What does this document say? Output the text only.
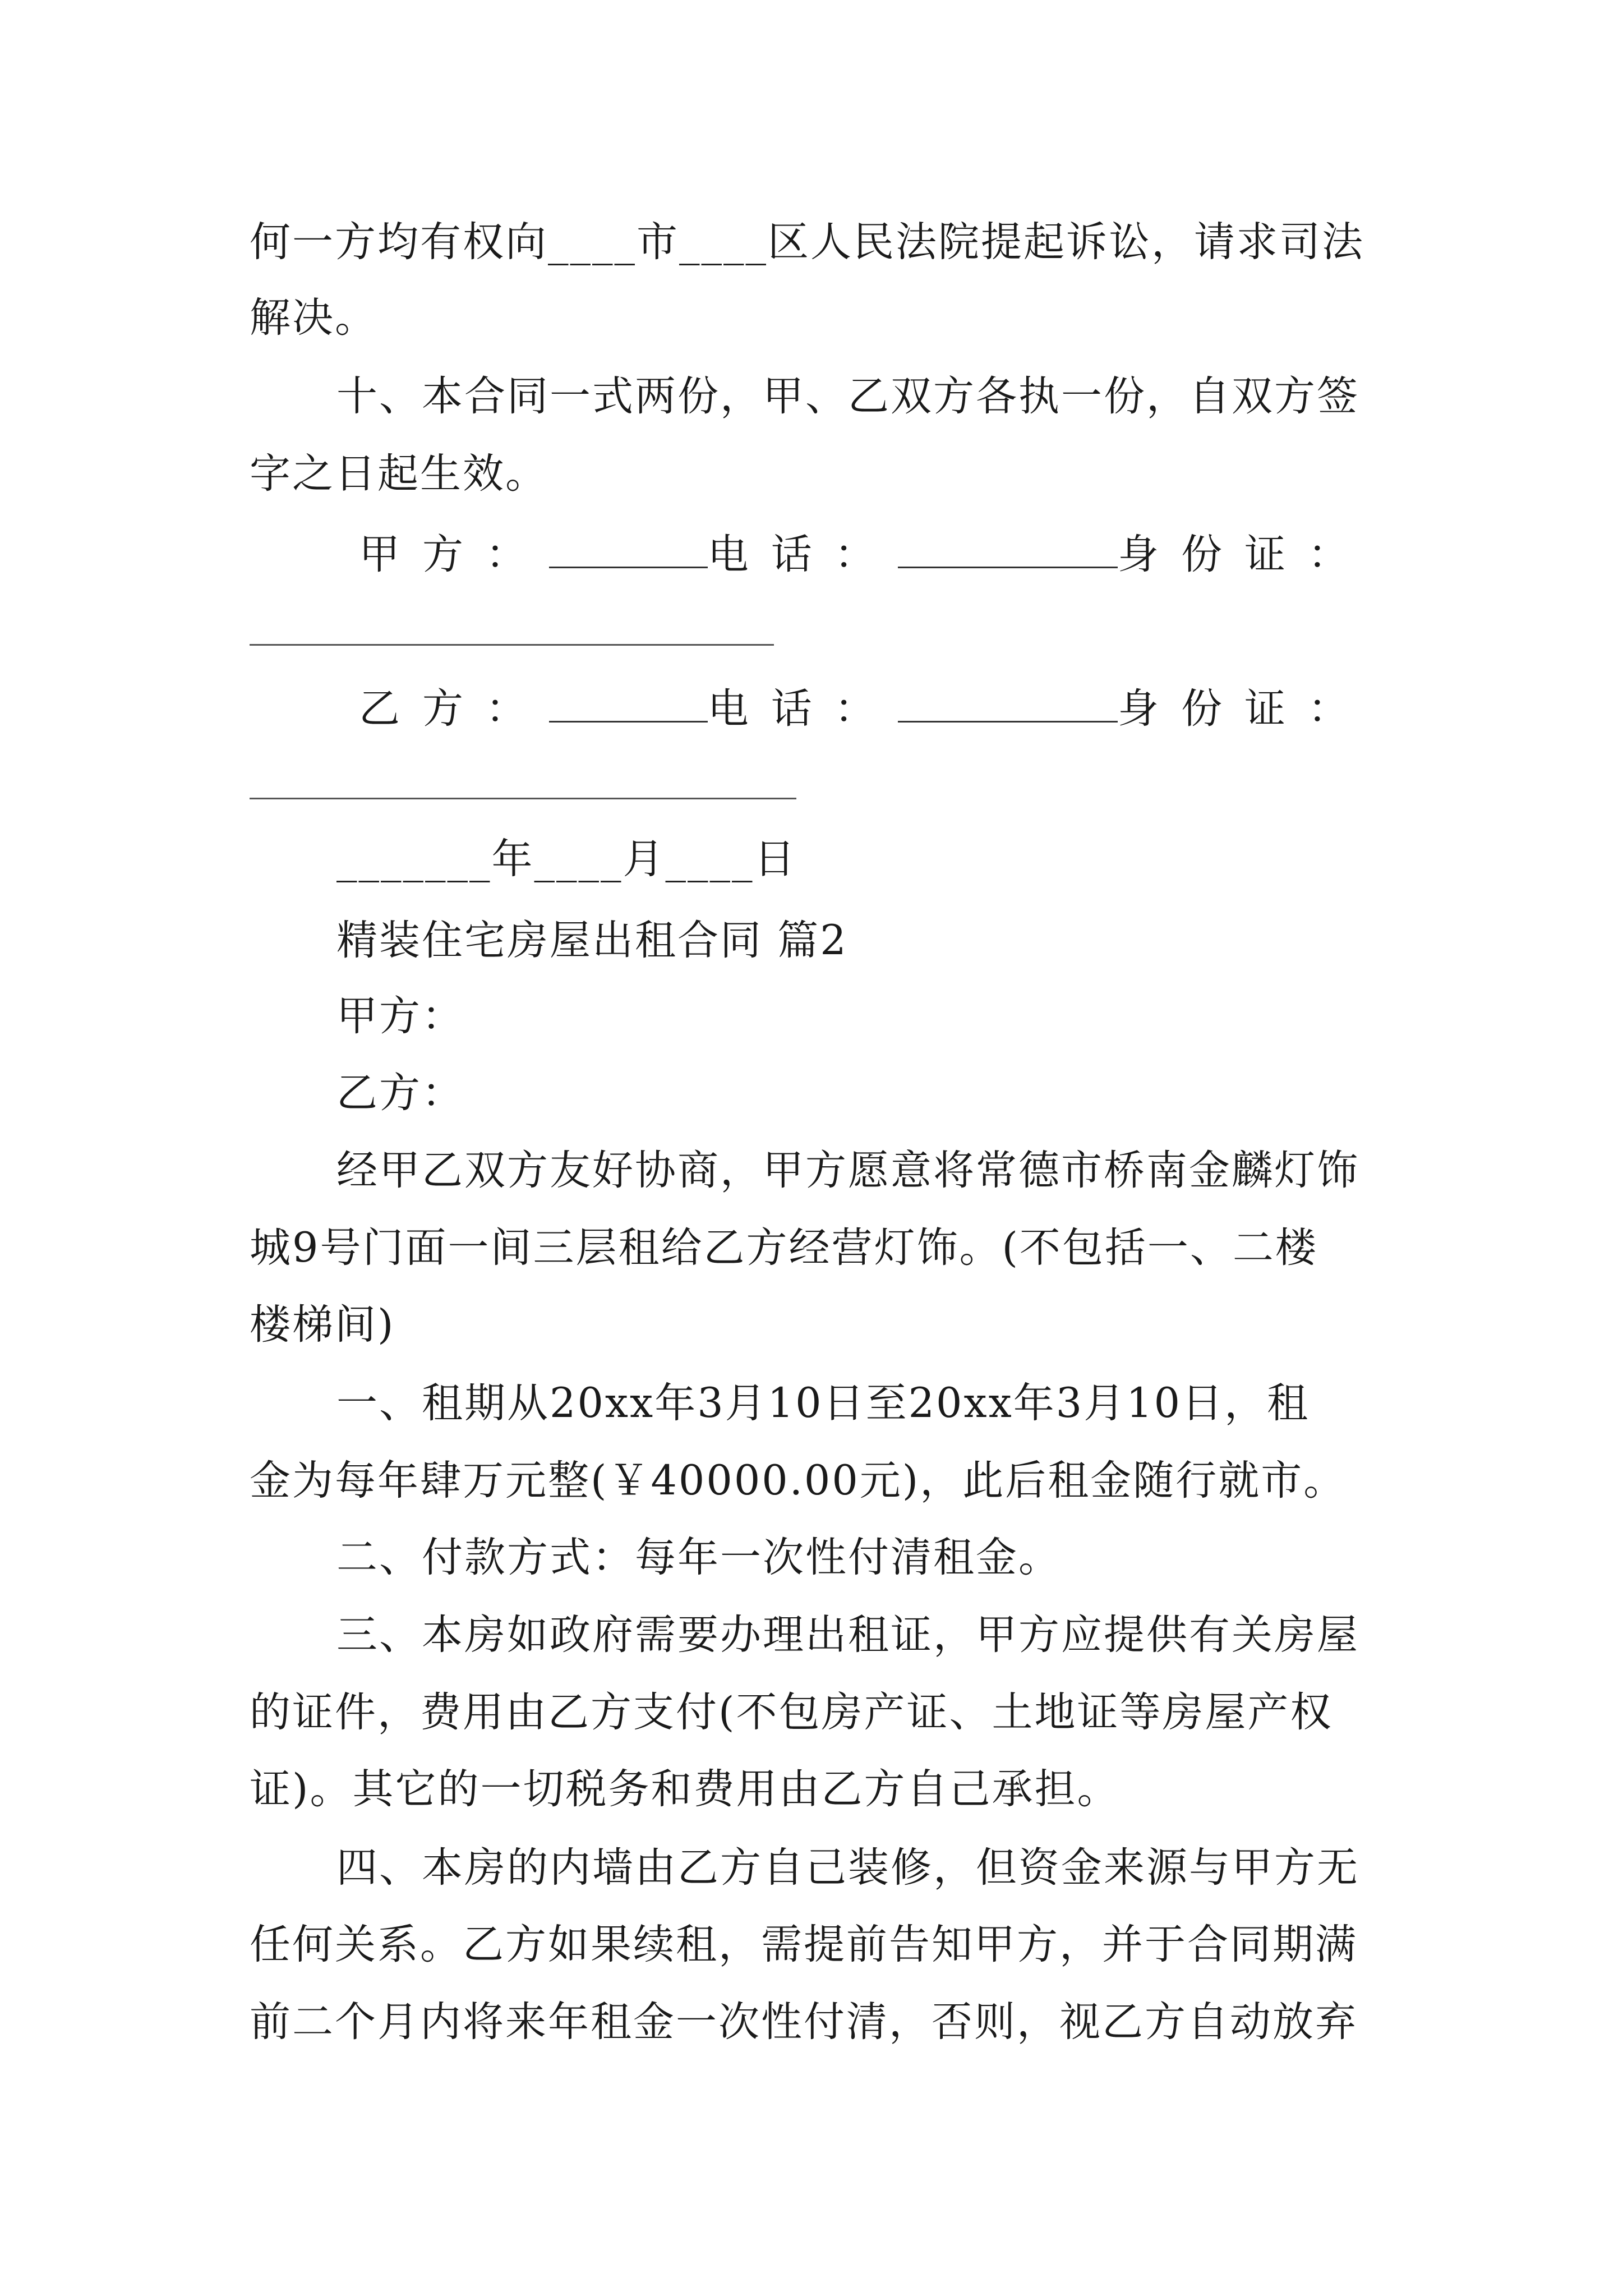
何一方均有权向____市____区人民法院提起诉讼，请求司法
解决。
十、本合同一式两份，甲、乙双方各执一份，自双方签
字之日起生效。
甲方：	电话：	身份证：
乙方：	电话：	身份证：
_______年____月____日
精装住宅房屋出租合同 篇2
甲方：
乙方：
经甲乙双方友好协商，甲方愿意将常德市桥南金麟灯饰
城9号门面一间三层租给乙方经营灯饰。(不包括一、二楼
楼梯间)
一、租期从20xx年3月10日至20xx年3月10日，租
金为每年肆万元整(￥40000.00元)，此后租金随行就市。
二、付款方式：每年一次性付清租金。
三、本房如政府需要办理出租证，甲方应提供有关房屋
的证件，费用由乙方支付(不包房产证、土地证等房屋产权
证)。其它的一切税务和费用由乙方自己承担。
四、本房的内墙由乙方自己装修，但资金来源与甲方无
任何关系。乙方如果续租，需提前告知甲方，并于合同期满
前二个月内将来年租金一次性付清，否则，视乙方自动放弃
